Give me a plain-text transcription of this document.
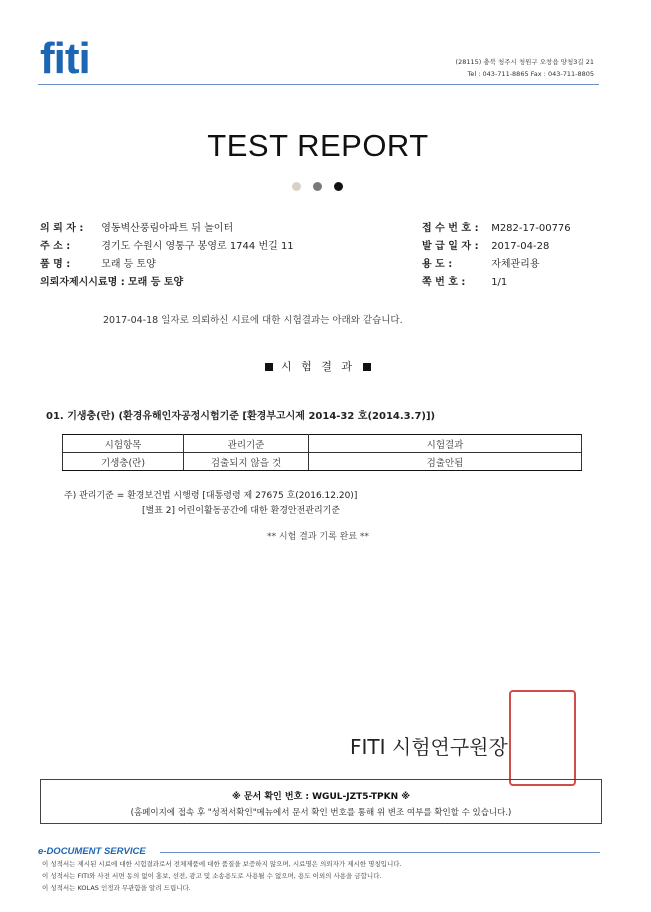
fiti	(28115) 충북 청주시 청원구 오창읍 양청3길 21
Tel : 043-711-8865 Fax : 043-711-8805
TEST REPORT
의 뢰 자 : 영동벽산풍림아파트 뒤 놀이터
주 소 :	경기도 수원시 영통구 봉영로 1744 번길 11
품 명 :	모래 등 토양
의뢰자제시시료명 : 모래 등 토양
접 수 번 호 : M282-17-00776
발 급 일 자 : 2017-04-28
용 도 :	자체관리용
쪽 번 호 :	1/1
2017-04-18 일자로 의뢰하신 시료에 대한 시험결과는 아래와 같습니다.
시 험 결 과
01. 기생충(란) (환경유해인자공정시험기준 [환경부고시제 2014-32 호(2014.3.7)])
시험항목	관리기준	시험결과
기생충(란)	검출되지 않을 것	검출안됨
주) 관리기준 = 환경보건법 시행령 [대통령령 제 27675 호(2016.12.20)]
[별표 2] 어린이활동공간에 대한 환경안전관리기준
** 시험 결과 기록 완료 **
FITI 시험연구원장
※ 문서 확인 번호 : WGUL-JZT5-TPKN ※
(홈페이지에 접속 후 "성적서확인"메뉴에서 문서 확인 번호를 통해 위 변조 여부를 확인할 수 있습니다.)
e-DOCUMENT SERVICE
이 성적서는 제시된 시료에 대한 시험결과로서 전체제품에 대한 품질을 보증하지 않으며, 시료명은 의뢰자가 제시한 명칭입니다.
이 성적서는 FITI와 사전 서면 동의 없이 홍보, 선전, 광고 및 소송용도로 사용될 수 없으며, 용도 이외의 사용을 금합니다.
이 성적서는 KOLAS 인정과 무관함을 알려 드립니다.
